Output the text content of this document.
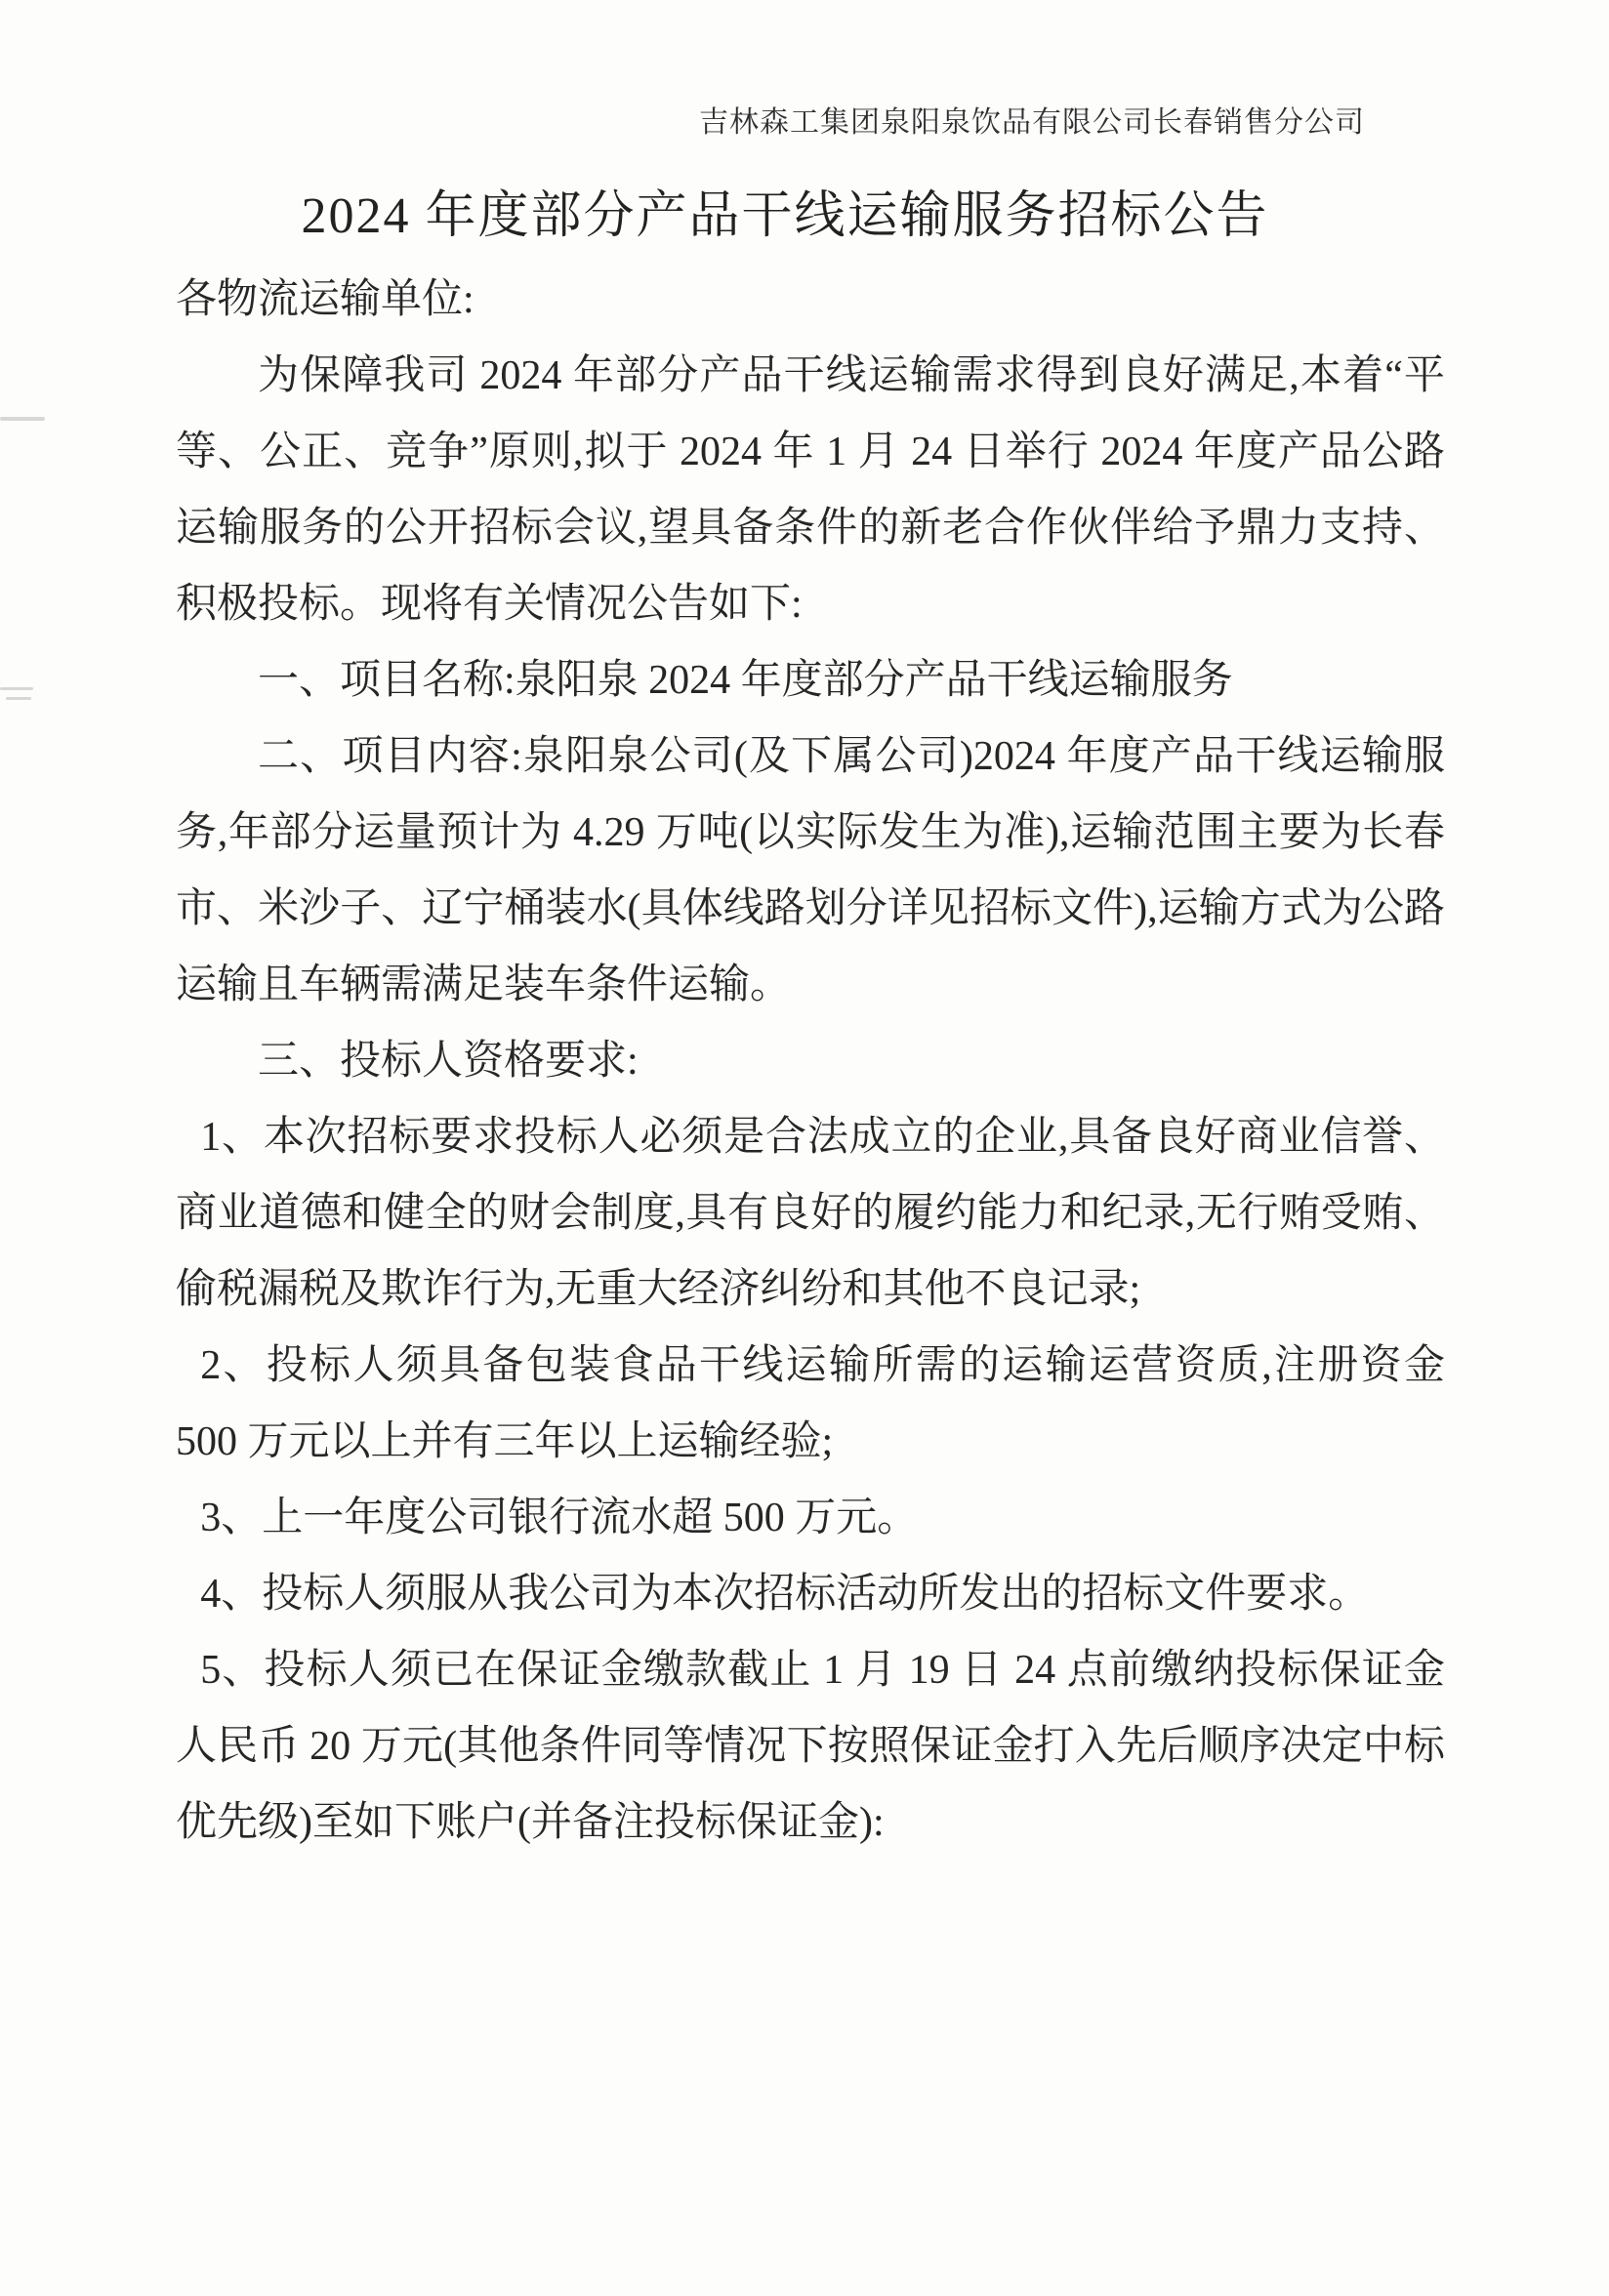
吉林森工集团泉阳泉饮品有限公司长春销售分公司
2024 年度部分产品干线运输服务招标公告

各物流运输单位:

为保障我司 2024 年部分产品干线运输需求得到良好满足,本着“平等、公正、竞争”原则,拟于 2024 年 1 月 24 日举行 2024 年度产品公路运输服务的公开招标会议,望具备条件的新老合作伙伴给予鼎力支持、积极投标。现将有关情况公告如下:

一、项目名称:泉阳泉 2024 年度部分产品干线运输服务

二、项目内容:泉阳泉公司(及下属公司)2024 年度产品干线运输服务,年部分运量预计为 4.29 万吨(以实际发生为准),运输范围主要为长春市、米沙子、辽宁桶装水(具体线路划分详见招标文件),运输方式为公路运输且车辆需满足装车条件运输。

三、投标人资格要求:

1、本次招标要求投标人必须是合法成立的企业,具备良好商业信誉、商业道德和健全的财会制度,具有良好的履约能力和纪录,无行贿受贿、偷税漏税及欺诈行为,无重大经济纠纷和其他不良记录;

2、投标人须具备包装食品干线运输所需的运输运营资质,注册资金 500 万元以上并有三年以上运输经验;

3、上一年度公司银行流水超 500 万元。

4、投标人须服从我公司为本次招标活动所发出的招标文件要求。

5、投标人须已在保证金缴款截止 1 月 19 日 24 点前缴纳投标保证金人民币 20 万元(其他条件同等情况下按照保证金打入先后顺序决定中标优先级)至如下账户(并备注投标保证金):
